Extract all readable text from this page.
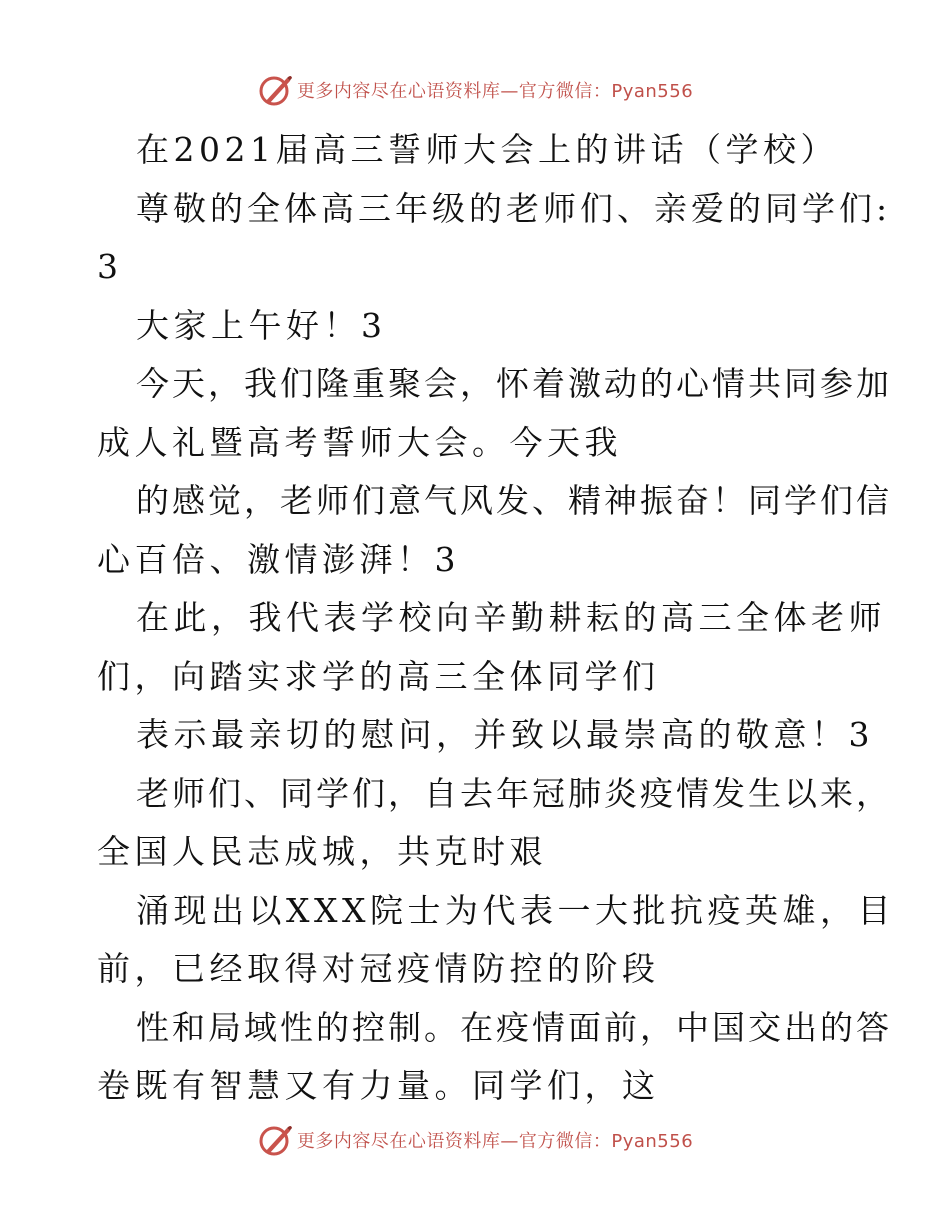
更多内容尽在心语资料库—官方微信：Pyan556
在2021届高三誓师大会上的讲话（学校）
尊敬的全体高三年级的老师们、亲爱的同学们:
3
大家上午好！3
今天，我们隆重聚会，怀着激动的心情共同参加
成人礼暨高考誓师大会。今天我
的感觉，老师们意气风发、精神振奋！同学们信
心百倍、激情澎湃！3
在此，我代表学校向辛勤耕耘的高三全体老师
们，向踏实求学的高三全体同学们
表示最亲切的慰问，并致以最崇高的敬意！3
老师们、同学们，自去年冠肺炎疫情发生以来，
全国人民志成城，共克时艰
涌现出以XXX院士为代表一大批抗疫英雄，目
前，已经取得对冠疫情防控的阶段
性和局域性的控制。在疫情面前，中国交出的答
卷既有智慧又有力量。同学们，这
更多内容尽在心语资料库—官方微信：Pyan556
